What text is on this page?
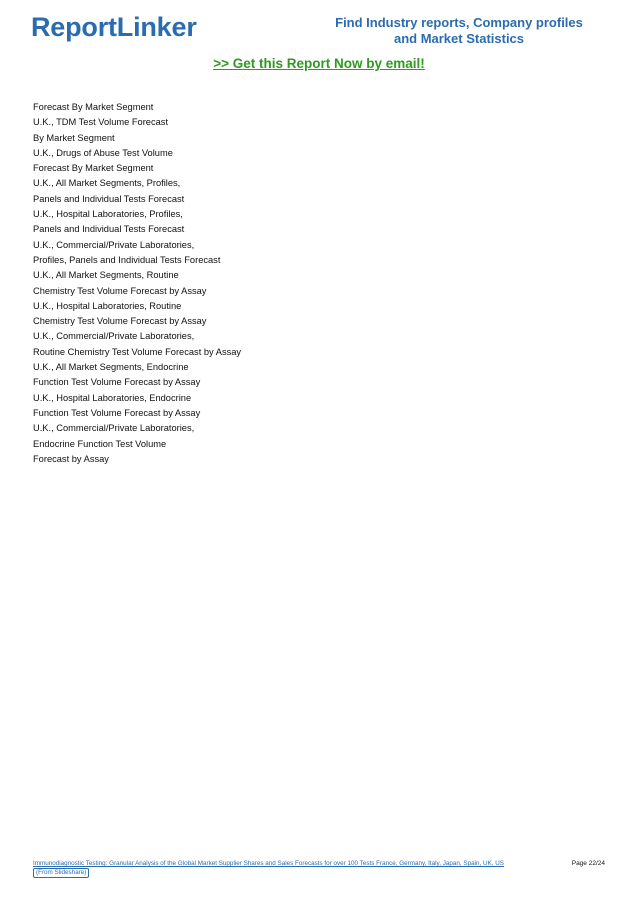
ReportLinker	Find Industry reports, Company profiles
and Market Statistics
>> Get this Report Now by email!
Forecast By Market Segment
U.K., TDM Test Volume Forecast
By Market Segment
U.K., Drugs of Abuse Test Volume
Forecast By Market Segment
U.K., All Market Segments, Profiles,
Panels and Individual Tests Forecast
U.K., Hospital Laboratories, Profiles,
Panels and Individual Tests Forecast
U.K., Commercial/Private Laboratories,
Profiles, Panels and Individual Tests Forecast
U.K., All Market Segments, Routine
Chemistry Test Volume Forecast by Assay
U.K., Hospital Laboratories, Routine
Chemistry Test Volume Forecast by Assay
U.K., Commercial/Private Laboratories,
Routine Chemistry Test Volume Forecast by Assay
U.K., All Market Segments, Endocrine
Function Test Volume Forecast by Assay
U.K., Hospital Laboratories, Endocrine
Function Test Volume Forecast by Assay
U.K., Commercial/Private Laboratories,
Endocrine Function Test Volume
Forecast by Assay
Immunodiagnostic Testing: Granular Analysis of the Global Market Supplier Shares and Sales Forecasts for over 100 Tests France, Germany, Italy, Japan, Spain, UK, US
(From Slideshare)
Page 22/24
